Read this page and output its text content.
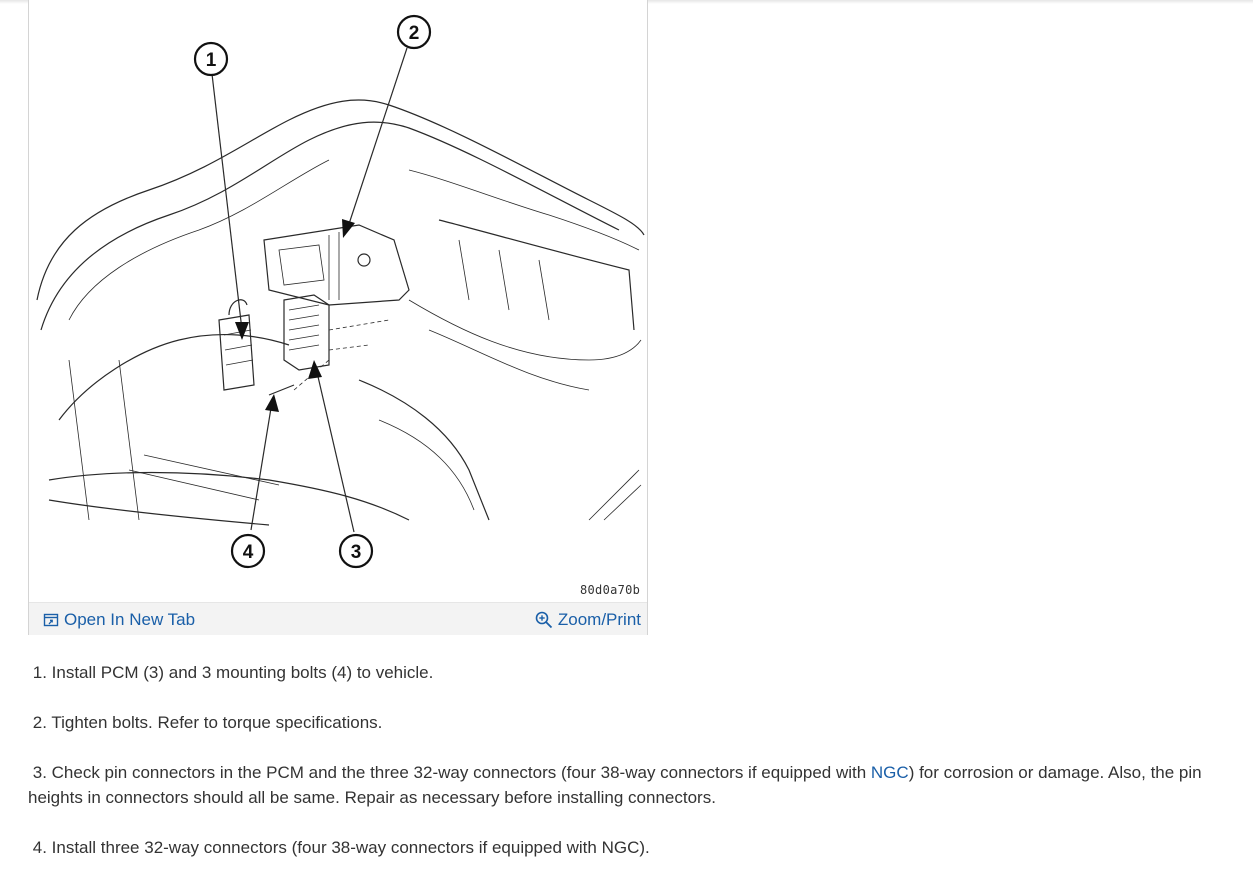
1
2
3
4
80d0a70b
Open In New Tab	Zoom/Print

1. Install PCM (3) and 3 mounting bolts (4) to vehicle.

2. Tighten bolts. Refer to torque specifications.

3. Check pin connectors in the PCM and the three 32-way connectors (four 38-way connectors if equipped with NGC) for corrosion or damage. Also, the pin heights in connectors should all be same. Repair as necessary before installing connectors.

4. Install three 32-way connectors (four 38-way connectors if equipped with NGC).
